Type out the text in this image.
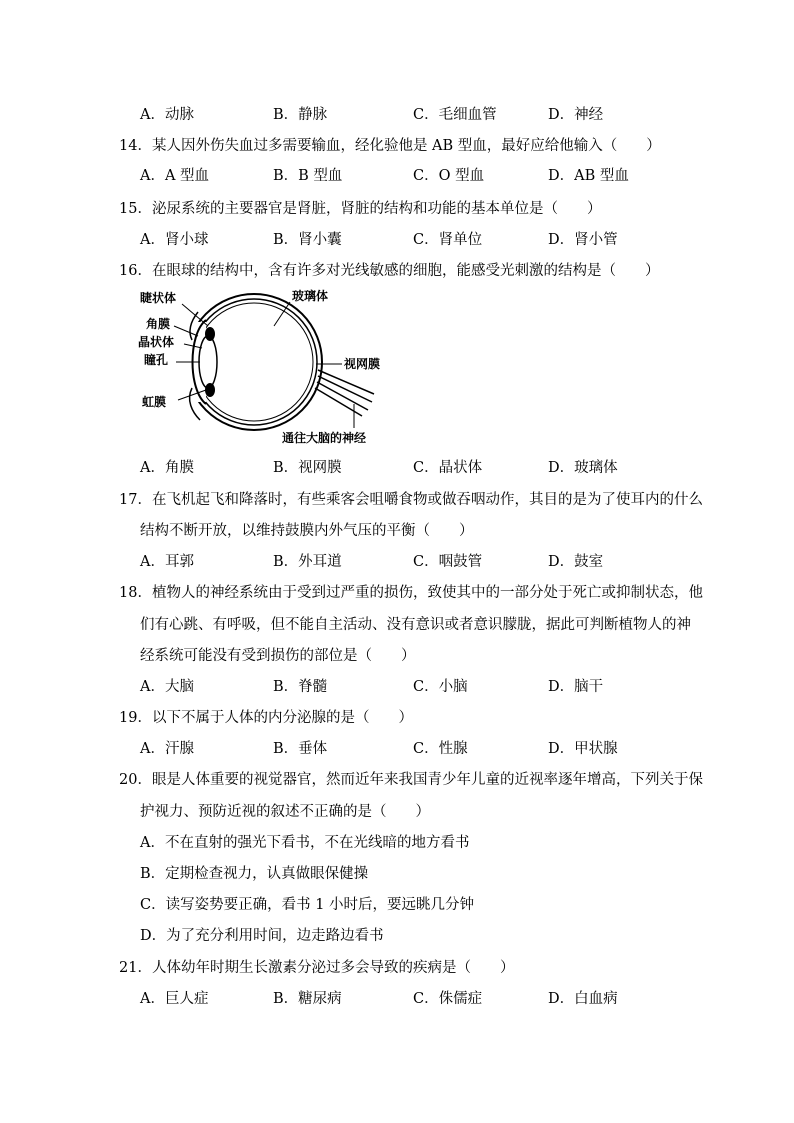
A．动脉	B．静脉	C．毛细血管	D．神经
14．某人因外伤失血过多需要输血，经化验他是 AB 型血，最好应给他输入（　　）
A．A 型血	B．B 型血	C．O 型血	D．AB 型血
15．泌尿系统的主要器官是肾脏，肾脏的结构和功能的基本单位是（　　）
A．肾小球	B．肾小囊	C．肾单位	D．肾小管
16．在眼球的结构中，含有许多对光线敏感的细胞，能感受光刺激的结构是（　　）
睫状体	玻璃体
角膜
晶状体
瞳孔	视网膜
虹膜
通往大脑的神经
A．角膜	B．视网膜	C．晶状体	D．玻璃体
17．在飞机起飞和降落时，有些乘客会咀嚼食物或做吞咽动作，其目的是为了使耳内的什么
结构不断开放，以维持鼓膜内外气压的平衡（　　）
A．耳郭	B．外耳道	C．咽鼓管	D．鼓室
18．植物人的神经系统由于受到过严重的损伤，致使其中的一部分处于死亡或抑制状态，他
们有心跳、有呼吸，但不能自主活动、没有意识或者意识朦胧，据此可判断植物人的神
经系统可能没有受到损伤的部位是（　　）
A．大脑	B．脊髓	C．小脑	D．脑干
19．以下不属于人体的内分泌腺的是（　　）
A．汗腺	B．垂体	C．性腺	D．甲状腺
20．眼是人体重要的视觉器官，然而近年来我国青少年儿童的近视率逐年增高，下列关于保
护视力、预防近视的叙述不正确的是（　　）
A．不在直射的强光下看书，不在光线暗的地方看书
B．定期检查视力，认真做眼保健操
C．读写姿势要正确，看书 1 小时后，要远眺几分钟
D．为了充分利用时间，边走路边看书
21．人体幼年时期生长激素分泌过多会导致的疾病是（　　）
A．巨人症	B．糖尿病	C．侏儒症	D．白血病
